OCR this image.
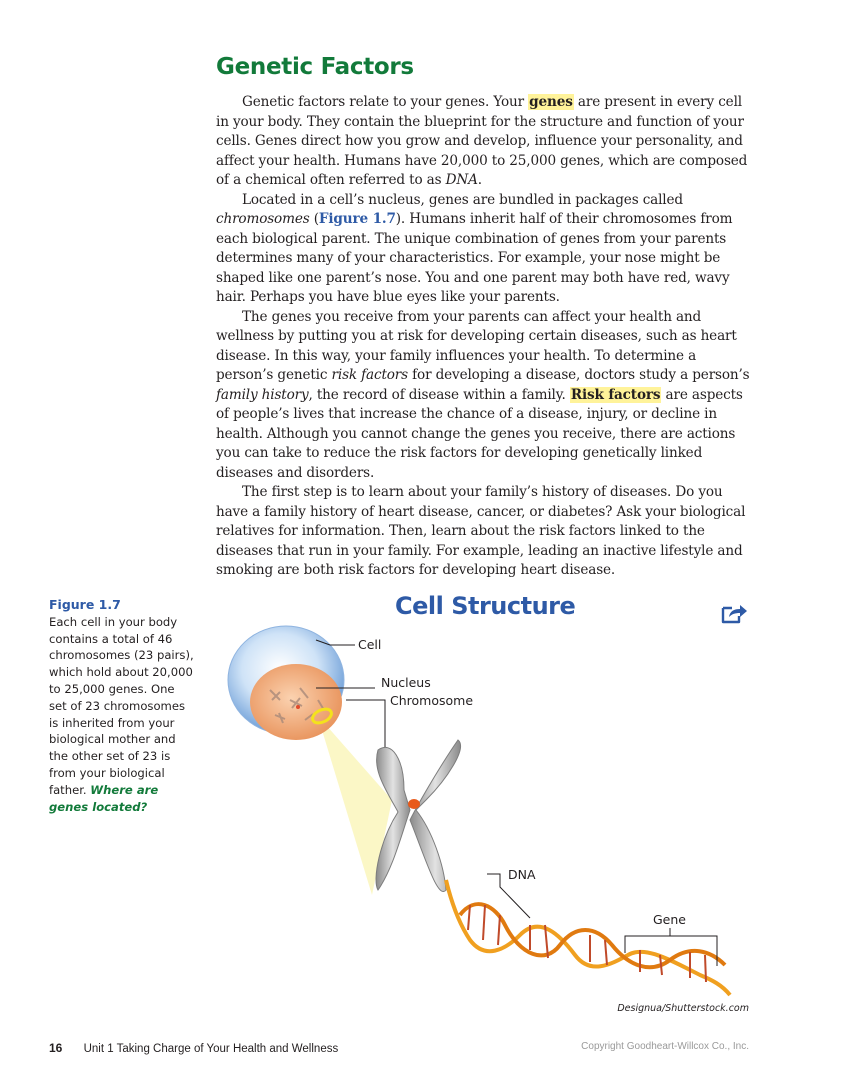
Genetic Factors

Genetic factors relate to your genes. Your genes are present in every cell in your body. They contain the blueprint for the structure and function of your cells. Genes direct how you grow and develop, influence your personality, and affect your health. Humans have 20,000 to 25,000 genes, which are composed of a chemical often referred to as DNA.

Located in a cell’s nucleus, genes are bundled in packages called chromosomes (Figure 1.7). Humans inherit half of their chromosomes from each biological parent. The unique combination of genes from your parents determines many of your characteristics. For example, your nose might be shaped like one parent’s nose. You and one parent may both have red, wavy hair. Perhaps you have blue eyes like your parents.

The genes you receive from your parents can affect your health and wellness by putting you at risk for developing certain diseases, such as heart disease. In this way, your family influences your health. To determine a person’s genetic risk factors for developing a disease, doctors study a person’s family history, the record of disease within a family. Risk factors are aspects of people’s lives that increase the chance of a disease, injury, or decline in health. Although you cannot change the genes you receive, there are actions you can take to reduce the risk factors for developing genetically linked diseases and disorders.

The first step is to learn about your family’s history of diseases. Do you have a family history of heart disease, cancer, or diabetes? Ask your biological relatives for information. Then, learn about the risk factors linked to the diseases that run in your family. For example, leading an inactive lifestyle and smoking are both risk factors for developing heart disease.

Figure 1.7
Each cell in your body contains a total of 46 chromosomes (23 pairs), which hold about 20,000 to 25,000 genes. One set of 23 chromosomes is inherited from your biological mother and the other set of 23 is from your biological father. Where are genes located?
Cell Structure
Cell
Nucleus
Chromosome
DNA
Gene
Designua/Shutterstock.com
16 Unit 1 Taking Charge of Your Health and Wellness	Copyright Goodheart-Willcox Co., Inc.
